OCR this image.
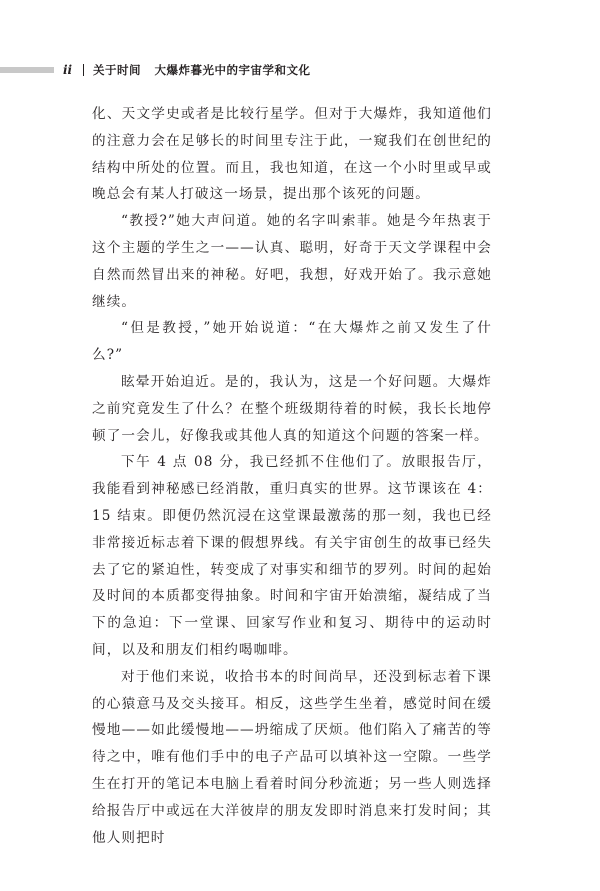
ii 关于时间   大爆炸暮光中的宇宙学和文化

化、天文学史或者是比较行星学。但对于大爆炸，我知道他们的注意力会在足够长的时间里专注于此，一窥我们在创世纪的结构中所处的位置。而且，我也知道，在这一个小时里或早或晚总会有某人打破这一场景，提出那个该死的问题。

“教授?”她大声问道。她的名字叫索菲。她是今年热衷于这个主题的学生之一——认真、聪明，好奇于天文学课程中会自然而然冒出来的神秘。好吧，我想，好戏开始了。我示意她继续。

“但是教授，”她开始说道：“在大爆炸之前又发生了什么?”

眩晕开始迫近。是的，我认为，这是一个好问题。大爆炸之前究竟发生了什么？在整个班级期待着的时候，我长长地停顿了一会儿，好像我或其他人真的知道这个问题的答案一样。

下午 4 点 08 分，我已经抓不住他们了。放眼报告厅，我能看到神秘感已经消散，重归真实的世界。这节课该在 4：15 结束。即便仍然沉浸在这堂课最激荡的那一刻，我也已经非常接近标志着下课的假想界线。有关宇宙创生的故事已经失去了它的紧迫性，转变成了对事实和细节的罗列。时间的起始及时间的本质都变得抽象。时间和宇宙开始溃缩，凝结成了当下的急迫：下一堂课、回家写作业和复习、期待中的运动时间，以及和朋友们相约喝咖啡。

对于他们来说，收拾书本的时间尚早，还没到标志着下课的心猿意马及交头接耳。相反，这些学生坐着，感觉时间在缓慢地——如此缓慢地——坍缩成了厌烦。他们陷入了痛苦的等待之中，唯有他们手中的电子产品可以填补这一空隙。一些学生在打开的笔记本电脑上看着时间分秒流逝；另一些人则选择给报告厅中或远在大洋彼岸的朋友发即时消息来打发时间；其他人则把时
